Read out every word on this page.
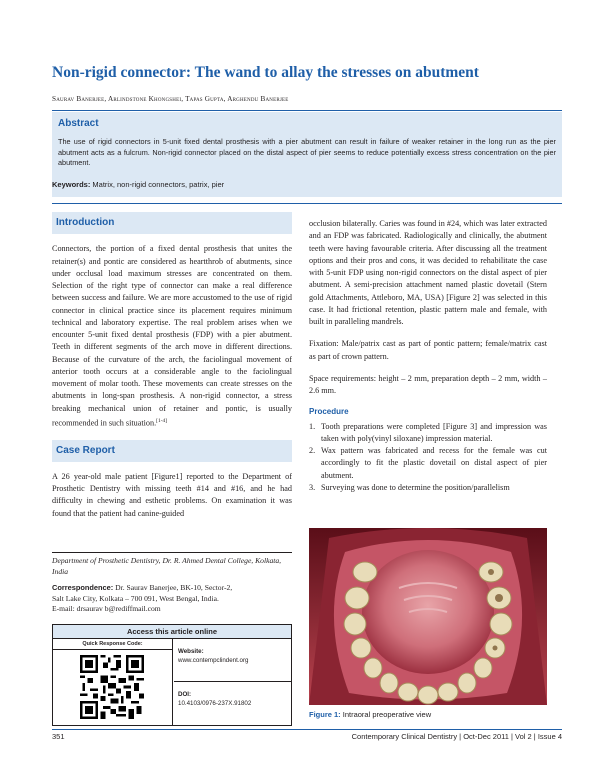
Non-rigid connector: The wand to allay the stresses on abutment
Saurav Banerjee, Arlindstone Khongshei, Tapas Gupta, Arghendu Banerjee
Abstract

The use of rigid connectors in 5-unit fixed dental prosthesis with a pier abutment can result in failure of weaker retainer in the long run as the pier abutment acts as a fulcrum. Non-rigid connector placed on the distal aspect of pier seems to reduce potentially excess stress concentration on the pier abutment.

Keywords: Matrix, non-rigid connectors, patrix, pier
Introduction

Connectors, the portion of a fixed dental prosthesis that unites the retainer(s) and pontic are considered as heartthrob of abutments, since under occlusal load maximum stresses are concentrated on them. Selection of the right type of connector can make a real difference between success and failure. We are more accustomed to the use of rigid connector in clinical practice since its placement requires minimum technical and laboratory expertise. The real problem arises when we encounter 5-unit fixed dental prosthesis (FDP) with a pier abutment. Teeth in different segments of the arch move in different directions. Because of the curvature of the arch, the faciolingual movement of anterior tooth occurs at a considerable angle to the faciolingual movement of molar tooth. These movements can create stresses on the abutments in long-span prosthesis. A non-rigid connector, a stress breaking mechanical union of retainer and pontic, is usually recommended in such situation.[1-4]

Case Report

A 26 year-old male patient [Figure1] reported to the Department of Prosthetic Dentistry with missing teeth #14 and #16, and he had difficulty in chewing and esthetic problems. On examination it was found that the patient had canine-guided

Department of Prosthetic Dentistry, Dr. R. Ahmed Dental College, Kolkata, India
Correspondence: Dr. Saurav Banerjee, BK-10, Sector-2,
Salt Lake City, Kolkata – 700 091, West Bengal, India.
E-mail: drsaurav b@rediffmail.com
Access this article online
Quick Response Code:
Website:
www.contempclindent.org
DOI:
10.4103/0976-237X.91802

occlusion bilaterally. Caries was found in #24, which was later extracted and an FDP was fabricated. Radiologically and clinically, the abutment teeth were having favourable criteria. After discussing all the treatment options and their pros and cons, it was decided to rehabilitate the case with 5-unit FDP using non-rigid connectors on the distal aspect of pier abutment. A semi-precision attachment named plastic dovetail (Stern gold Attachments, Attleboro, MA, USA) [Figure 2] was selected in this case. It had frictional retention, plastic pattern male and female, with built in paralleling mandrels.

Fixation: Male/patrix cast as part of pontic pattern; female/matrix cast as part of crown pattern.

Space requirements: height – 2 mm, preparation depth – 2 mm, width – 2.6 mm.

Procedure
1. Tooth preparations were completed [Figure 3] and impression was taken with poly(vinyl siloxane) impression material.
2. Wax pattern was fabricated and recess for the female was cut accordingly to fit the plastic dovetail on distal aspect of pier abutment.
3. Surveying was done to determine the position/parallelism
Figure 1: Intraoral preoperative view
351	Contemporary Clinical Dentistry | Oct-Dec 2011 | Vol 2 | Issue 4
